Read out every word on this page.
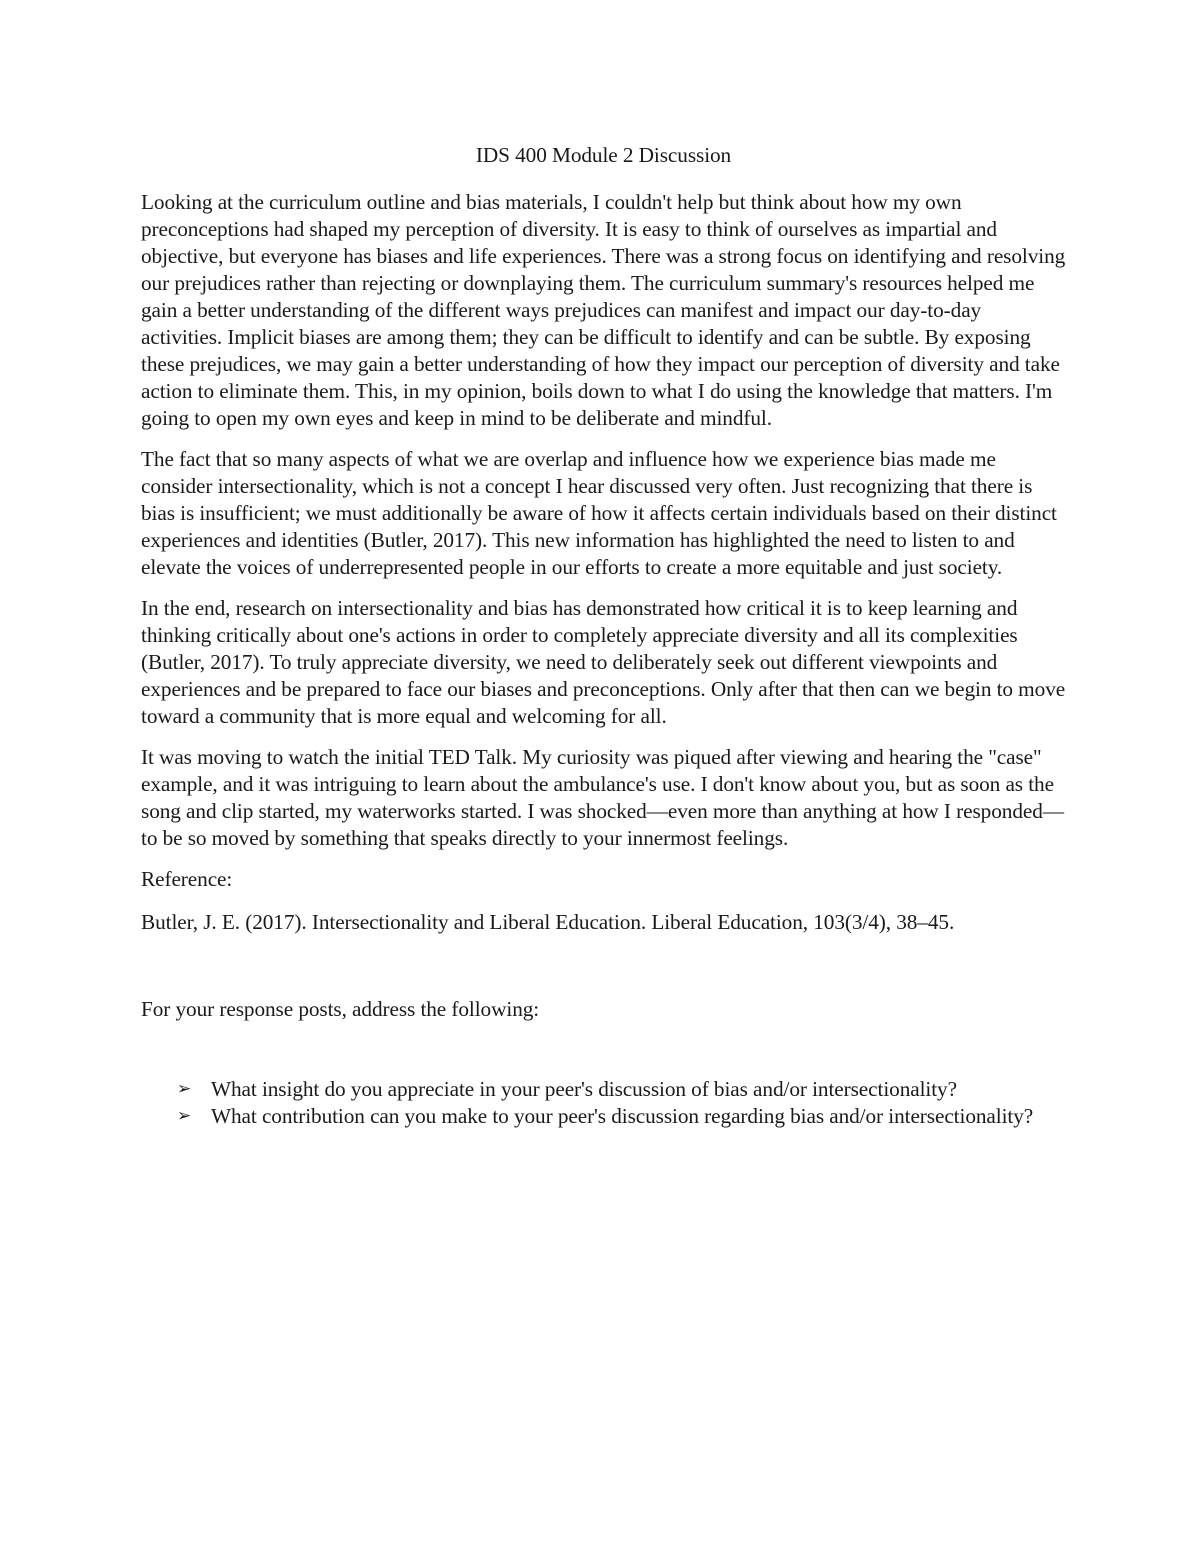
IDS 400 Module 2 Discussion

Looking at the curriculum outline and bias materials, I couldn't help but think about how my own preconceptions had shaped my perception of diversity. It is easy to think of ourselves as impartial and objective, but everyone has biases and life experiences. There was a strong focus on identifying and resolving our prejudices rather than rejecting or downplaying them. The curriculum summary's resources helped me gain a better understanding of the different ways prejudices can manifest and impact our day-to-day activities. Implicit biases are among them; they can be difficult to identify and can be subtle. By exposing these prejudices, we may gain a better understanding of how they impact our perception of diversity and take action to eliminate them. This, in my opinion, boils down to what I do using the knowledge that matters. I'm going to open my own eyes and keep in mind to be deliberate and mindful.

The fact that so many aspects of what we are overlap and influence how we experience bias made me consider intersectionality, which is not a concept I hear discussed very often. Just recognizing that there is bias is insufficient; we must additionally be aware of how it affects certain individuals based on their distinct experiences and identities (Butler, 2017). This new information has highlighted the need to listen to and elevate the voices of underrepresented people in our efforts to create a more equitable and just society.

In the end, research on intersectionality and bias has demonstrated how critical it is to keep learning and thinking critically about one's actions in order to completely appreciate diversity and all its complexities (Butler, 2017). To truly appreciate diversity, we need to deliberately seek out different viewpoints and experiences and be prepared to face our biases and preconceptions. Only after that then can we begin to move toward a community that is more equal and welcoming for all.

It was moving to watch the initial TED Talk. My curiosity was piqued after viewing and hearing the "case" example, and it was intriguing to learn about the ambulance's use. I don't know about you, but as soon as the song and clip started, my waterworks started. I was shocked—even more than anything at how I responded—to be so moved by something that speaks directly to your innermost feelings.

Reference:

Butler, J. E. (2017). Intersectionality and Liberal Education. Liberal Education, 103(3/4), 38–45.

For your response posts, address the following:

➢ What insight do you appreciate in your peer's discussion of bias and/or intersectionality?
➢ What contribution can you make to your peer's discussion regarding bias and/or intersectionality?
